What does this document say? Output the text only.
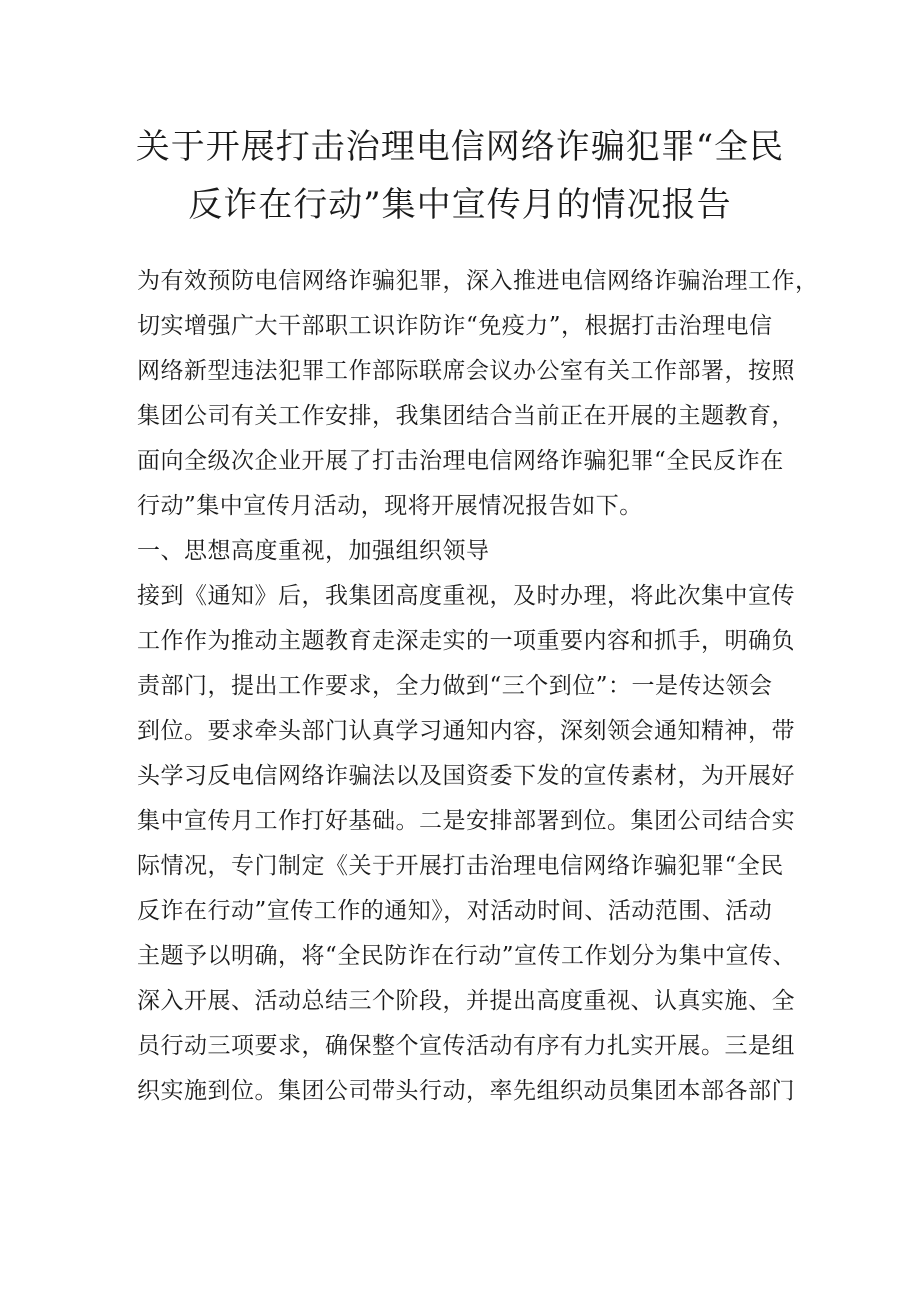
关于开展打击治理电信网络诈骗犯罪“全民
反诈在行动”集中宣传月的情况报告
为有效预防电信网络诈骗犯罪，深入推进电信网络诈骗治理工作，
切实增强广大干部职工识诈防诈“免疫力”，根据打击治理电信
网络新型违法犯罪工作部际联席会议办公室有关工作部署，按照
集团公司有关工作安排，我集团结合当前正在开展的主题教育，
面向全级次企业开展了打击治理电信网络诈骗犯罪“全民反诈在
行动”集中宣传月活动，现将开展情况报告如下。
一、思想高度重视，加强组织领导
接到《通知》后，我集团高度重视，及时办理，将此次集中宣传
工作作为推动主题教育走深走实的一项重要内容和抓手，明确负
责部门，提出工作要求，全力做到“三个到位”：一是传达领会
到位。要求牵头部门认真学习通知内容，深刻领会通知精神，带
头学习反电信网络诈骗法以及国资委下发的宣传素材，为开展好
集中宣传月工作打好基础。二是安排部署到位。集团公司结合实
际情况，专门制定《关于开展打击治理电信网络诈骗犯罪“全民
反诈在行动”宣传工作的通知》，对活动时间、活动范围、活动
主题予以明确，将“全民防诈在行动”宣传工作划分为集中宣传、
深入开展、活动总结三个阶段，并提出高度重视、认真实施、全
员行动三项要求，确保整个宣传活动有序有力扎实开展。三是组
织实施到位。集团公司带头行动，率先组织动员集团本部各部门
